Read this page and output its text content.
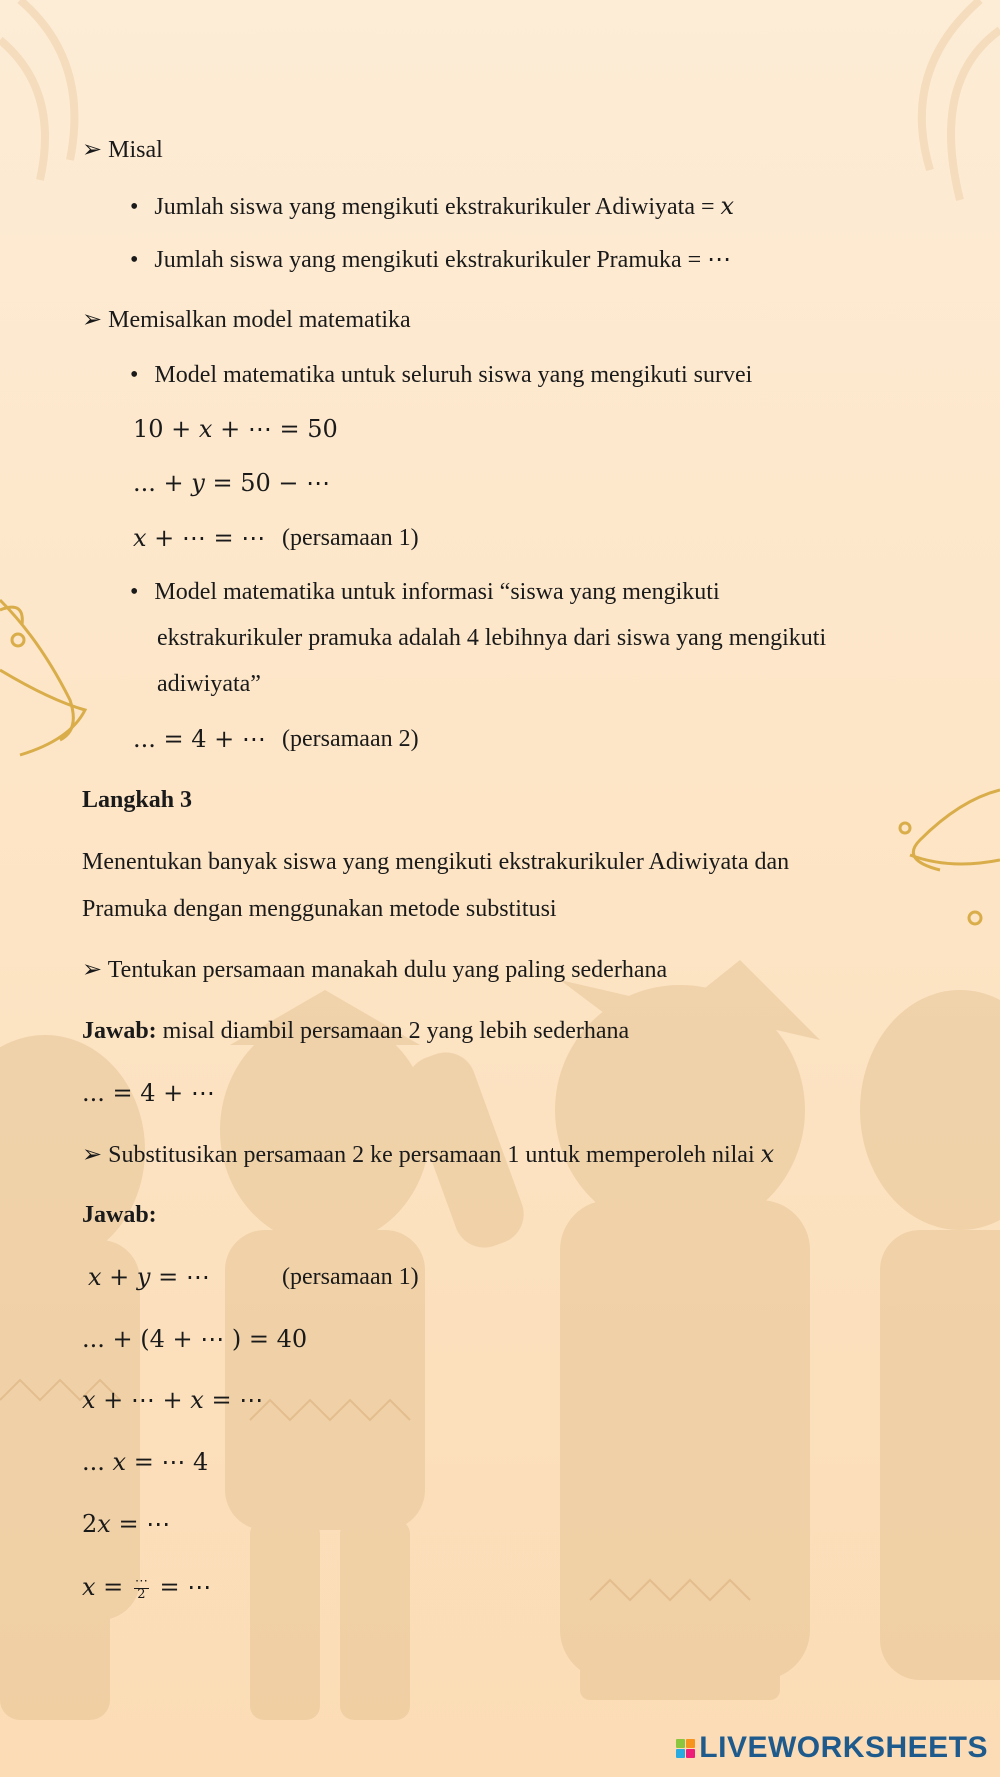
➢ Misal
• Jumlah siswa yang mengikuti ekstrakurikuler Adiwiyata = x
• Jumlah siswa yang mengikuti ekstrakurikuler Pramuka = ⋯
➢ Memisalkan model matematika
• Model matematika untuk seluruh siswa yang mengikuti survei
10 + x + ⋯ = 50
... + y = 50 − ⋯
x + ⋯ = ⋯ (persamaan 1)
• Model matematika untuk informasi “siswa yang mengikuti
ekstrakurikuler pramuka adalah 4 lebihnya dari siswa yang mengikuti
adiwiyata”
... = 4 + ⋯ (persamaan 2)
Langkah 3
Menentukan banyak siswa yang mengikuti ekstrakurikuler Adiwiyata dan
Pramuka dengan menggunakan metode substitusi
➢ Tentukan persamaan manakah dulu yang paling sederhana
Jawab: misal diambil persamaan 2 yang lebih sederhana
... = 4 + ⋯
➢ Substitusikan persamaan 2 ke persamaan 1 untuk memperoleh nilai x
Jawab:
x + y = ⋯	(persamaan 1)
... + (4 + ⋯ ) = 40
x + ⋯ + x = ⋯
... x = ⋯ 4
2x = ⋯
$x = \frac{\cdots}{2}$ = ⋯
LIVEWORKSHEETS
